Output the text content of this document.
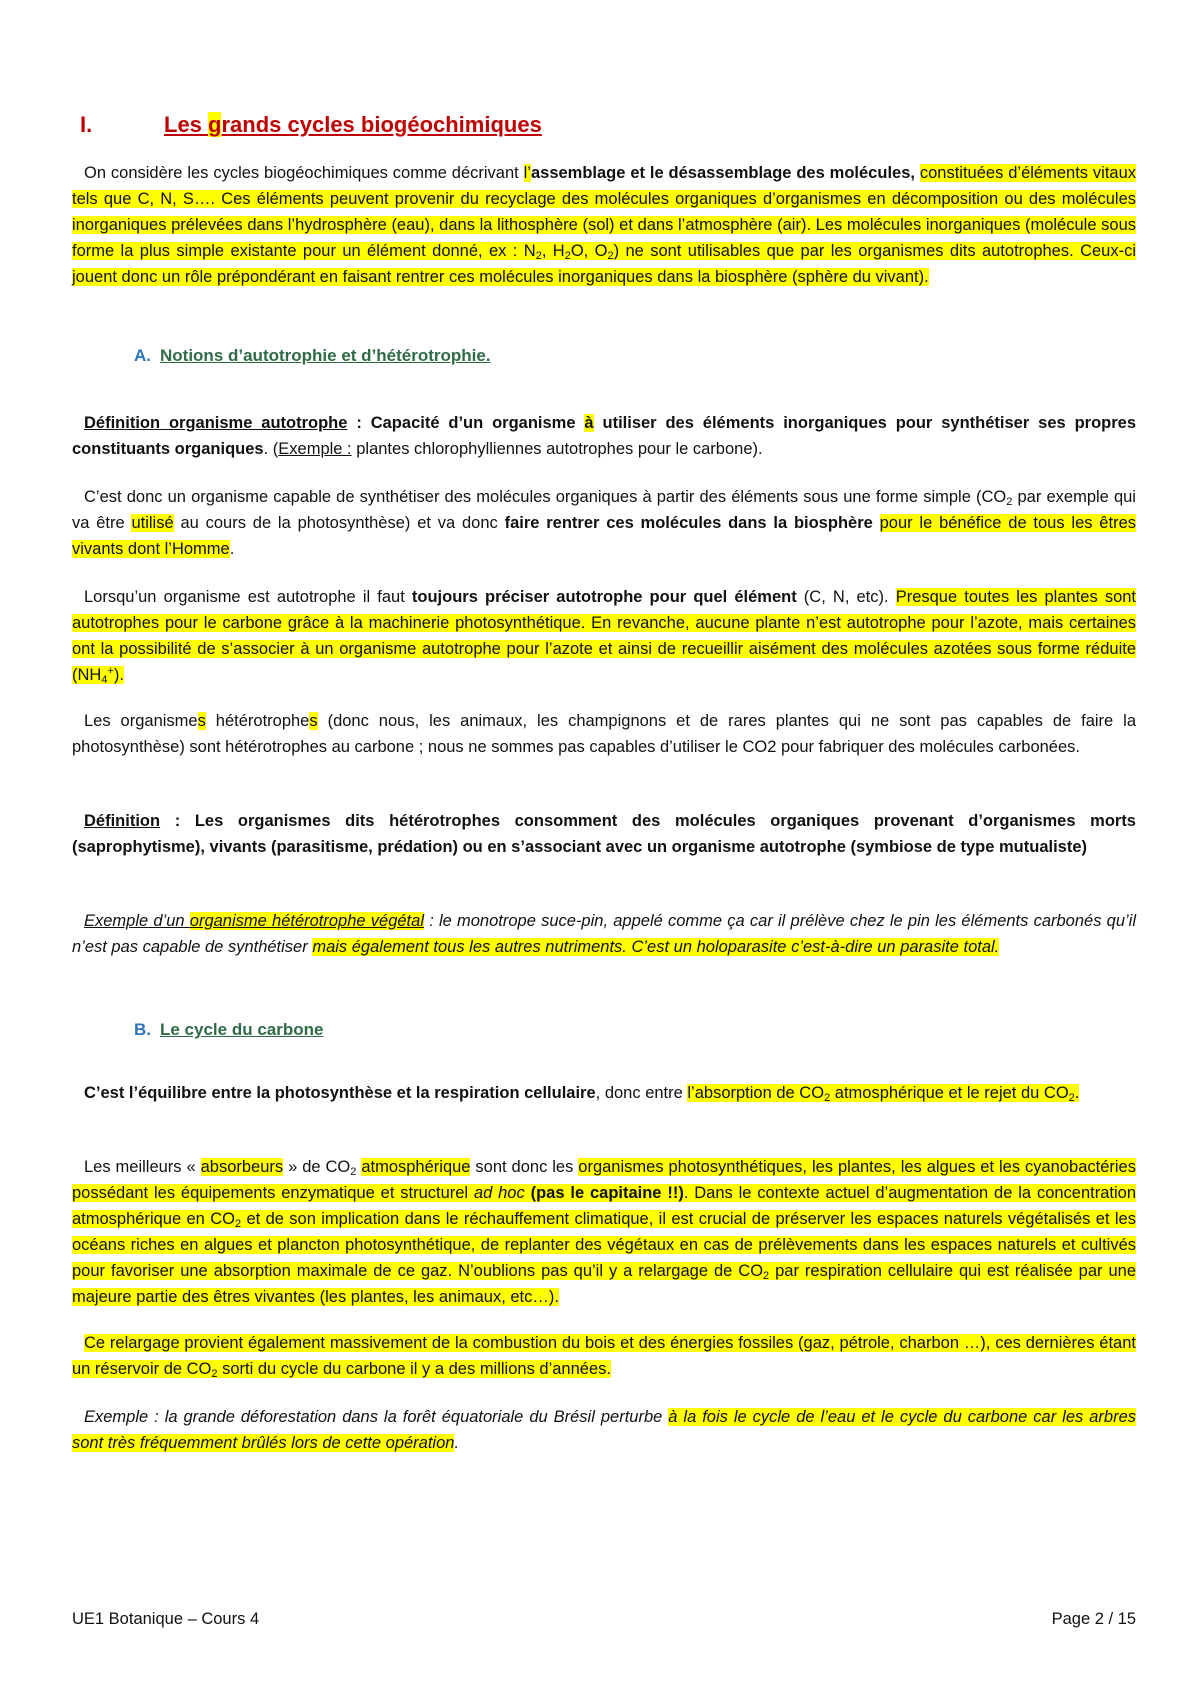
I.	Les grands cycles biogéochimiques

On considère les cycles biogéochimiques comme décrivant l’assemblage et le désassemblage des molécules, constituées d’éléments vitaux tels que C, N, S…. Ces éléments peuvent provenir du recyclage des molécules organiques d’organismes en décomposition ou des molécules inorganiques prélevées dans l’hydrosphère (eau), dans la lithosphère (sol) et dans l’atmosphère (air). Les molécules inorganiques (molécule sous forme la plus simple existante pour un élément donné, ex : $N_2$, $H_2O$, $O_2$) ne sont utilisables que par les organismes dits autotrophes. Ceux-ci jouent donc un rôle prépondérant en faisant rentrer ces molécules inorganiques dans la biosphère (sphère du vivant).

A. Notions d’autotrophie et d’hétérotrophie.

Définition organisme autotrophe : Capacité d’un organisme à utiliser des éléments inorganiques pour synthétiser ses propres constituants organiques. (Exemple : plantes chlorophylliennes autotrophes pour le carbone).

C’est donc un organisme capable de synthétiser des molécules organiques à partir des éléments sous une forme simple ($CO_2$ par exemple qui va être utilisé au cours de la photosynthèse) et va donc faire rentrer ces molécules dans la biosphère pour le bénéfice de tous les êtres vivants dont l’Homme.

Lorsqu’un organisme est autotrophe il faut toujours préciser autotrophe pour quel élément (C, N, etc). Presque toutes les plantes sont autotrophes pour le carbone grâce à la machinerie photosynthétique. En revanche, aucune plante n’est autotrophe pour l’azote, mais certaines ont la possibilité de s’associer à un organisme autotrophe pour l’azote et ainsi de recueillir aisément des molécules azotées sous forme réduite $(NH_4^+)$.

Les organismes hétérotrophes (donc nous, les animaux, les champignons et de rares plantes qui ne sont pas capables de faire la photosynthèse) sont hétérotrophes au carbone ; nous ne sommes pas capables d’utiliser le CO2 pour fabriquer des molécules carbonées.

Définition : Les organismes dits hétérotrophes consomment des molécules organiques provenant d’organismes morts (saprophytisme), vivants (parasitisme, prédation) ou en s’associant avec un organisme autotrophe (symbiose de type mutualiste)

Exemple d’un organisme hétérotrophe végétal : le monotrope suce-pin, appelé comme ça car il prélève chez le pin les éléments carbonés qu’il n’est pas capable de synthétiser mais également tous les autres nutriments. C’est un holoparasite c’est-à-dire un parasite total.

B. Le cycle du carbone

C’est l’équilibre entre la photosynthèse et la respiration cellulaire, donc entre l’absorption de $CO_2$ atmosphérique et le rejet du $CO_2$.

Les meilleurs « absorbeurs » de $CO_2$ atmosphérique sont donc les organismes photosynthétiques, les plantes, les algues et les cyanobactéries possédant les équipements enzymatique et structurel ad hoc (pas le capitaine !!). Dans le contexte actuel d’augmentation de la concentration atmosphérique en $CO_2$ et de son implication dans le réchauffement climatique, il est crucial de préserver les espaces naturels végétalisés et les océans riches en algues et plancton photosynthétique, de replanter des végétaux en cas de prélèvements dans les espaces naturels et cultivés pour favoriser une absorption maximale de ce gaz. N’oublions pas qu’il y a relargage de $CO_2$ par respiration cellulaire qui est réalisée par une majeure partie des êtres vivantes (les plantes, les animaux, etc…).

Ce relargage provient également massivement de la combustion du bois et des énergies fossiles (gaz, pétrole, charbon …), ces dernières étant un réservoir de $CO_2$ sorti du cycle du carbone il y a des millions d’années.

Exemple : la grande déforestation dans la forêt équatoriale du Brésil perturbe à la fois le cycle de l’eau et le cycle du carbone car les arbres sont très fréquemment brûlés lors de cette opération.

UE1 Botanique – Cours 4	Page 2 / 15
